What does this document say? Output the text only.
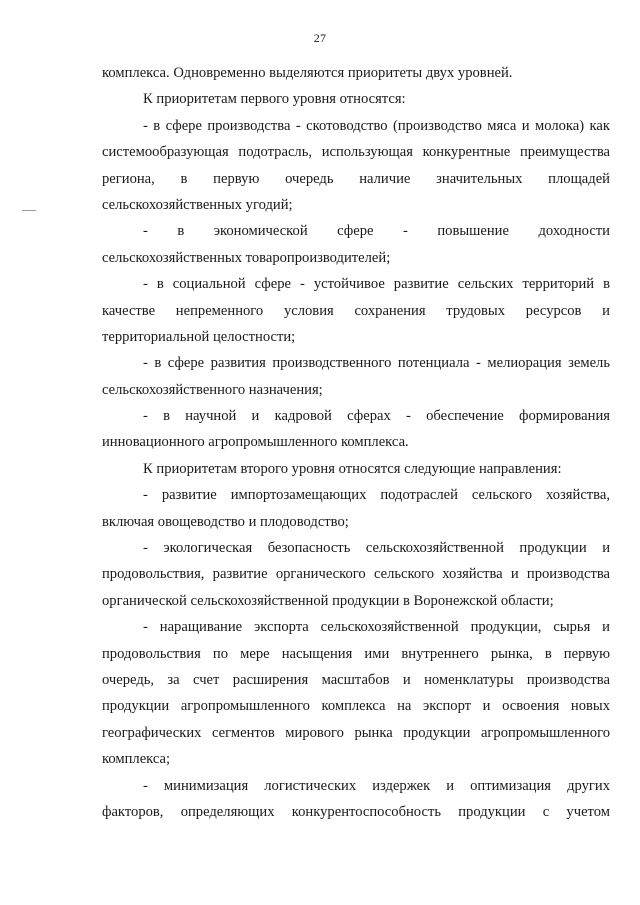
27
комплекса. Одновременно выделяются приоритеты двух уровней.
К приоритетам первого уровня относятся:
- в сфере производства - скотоводство (производство мяса и молока) как
системообразующая подотрасль, использующая конкурентные преимущества
региона, в первую очередь наличие значительных площадей
сельскохозяйственных угодий;
- в экономической сфере - повышение доходности
сельскохозяйственных товаропроизводителей;
- в социальной сфере - устойчивое развитие сельских территорий в
качестве непременного условия сохранения трудовых ресурсов и
территориальной целостности;
- в сфере развития производственного потенциала - мелиорация земель
сельскохозяйственного назначения;
- в научной и кадровой сферах - обеспечение формирования
инновационного агропромышленного комплекса.
К приоритетам второго уровня относятся следующие направления:
- развитие импортозамещающих подотраслей сельского хозяйства,
включая овощеводство и плодоводство;
- экологическая безопасность сельскохозяйственной продукции и
продовольствия, развитие органического сельского хозяйства и производства
органической сельскохозяйственной продукции в Воронежской области;
- наращивание экспорта сельскохозяйственной продукции, сырья и
продовольствия по мере насыщения ими внутреннего рынка, в первую
очередь, за счет расширения масштабов и номенклатуры производства
продукции агропромышленного комплекса на экспорт и освоения новых
географических сегментов мирового рынка продукции агропромышленного
комплекса;
- минимизация логистических издержек и оптимизация других
факторов, определяющих конкурентоспособность продукции с учетом
